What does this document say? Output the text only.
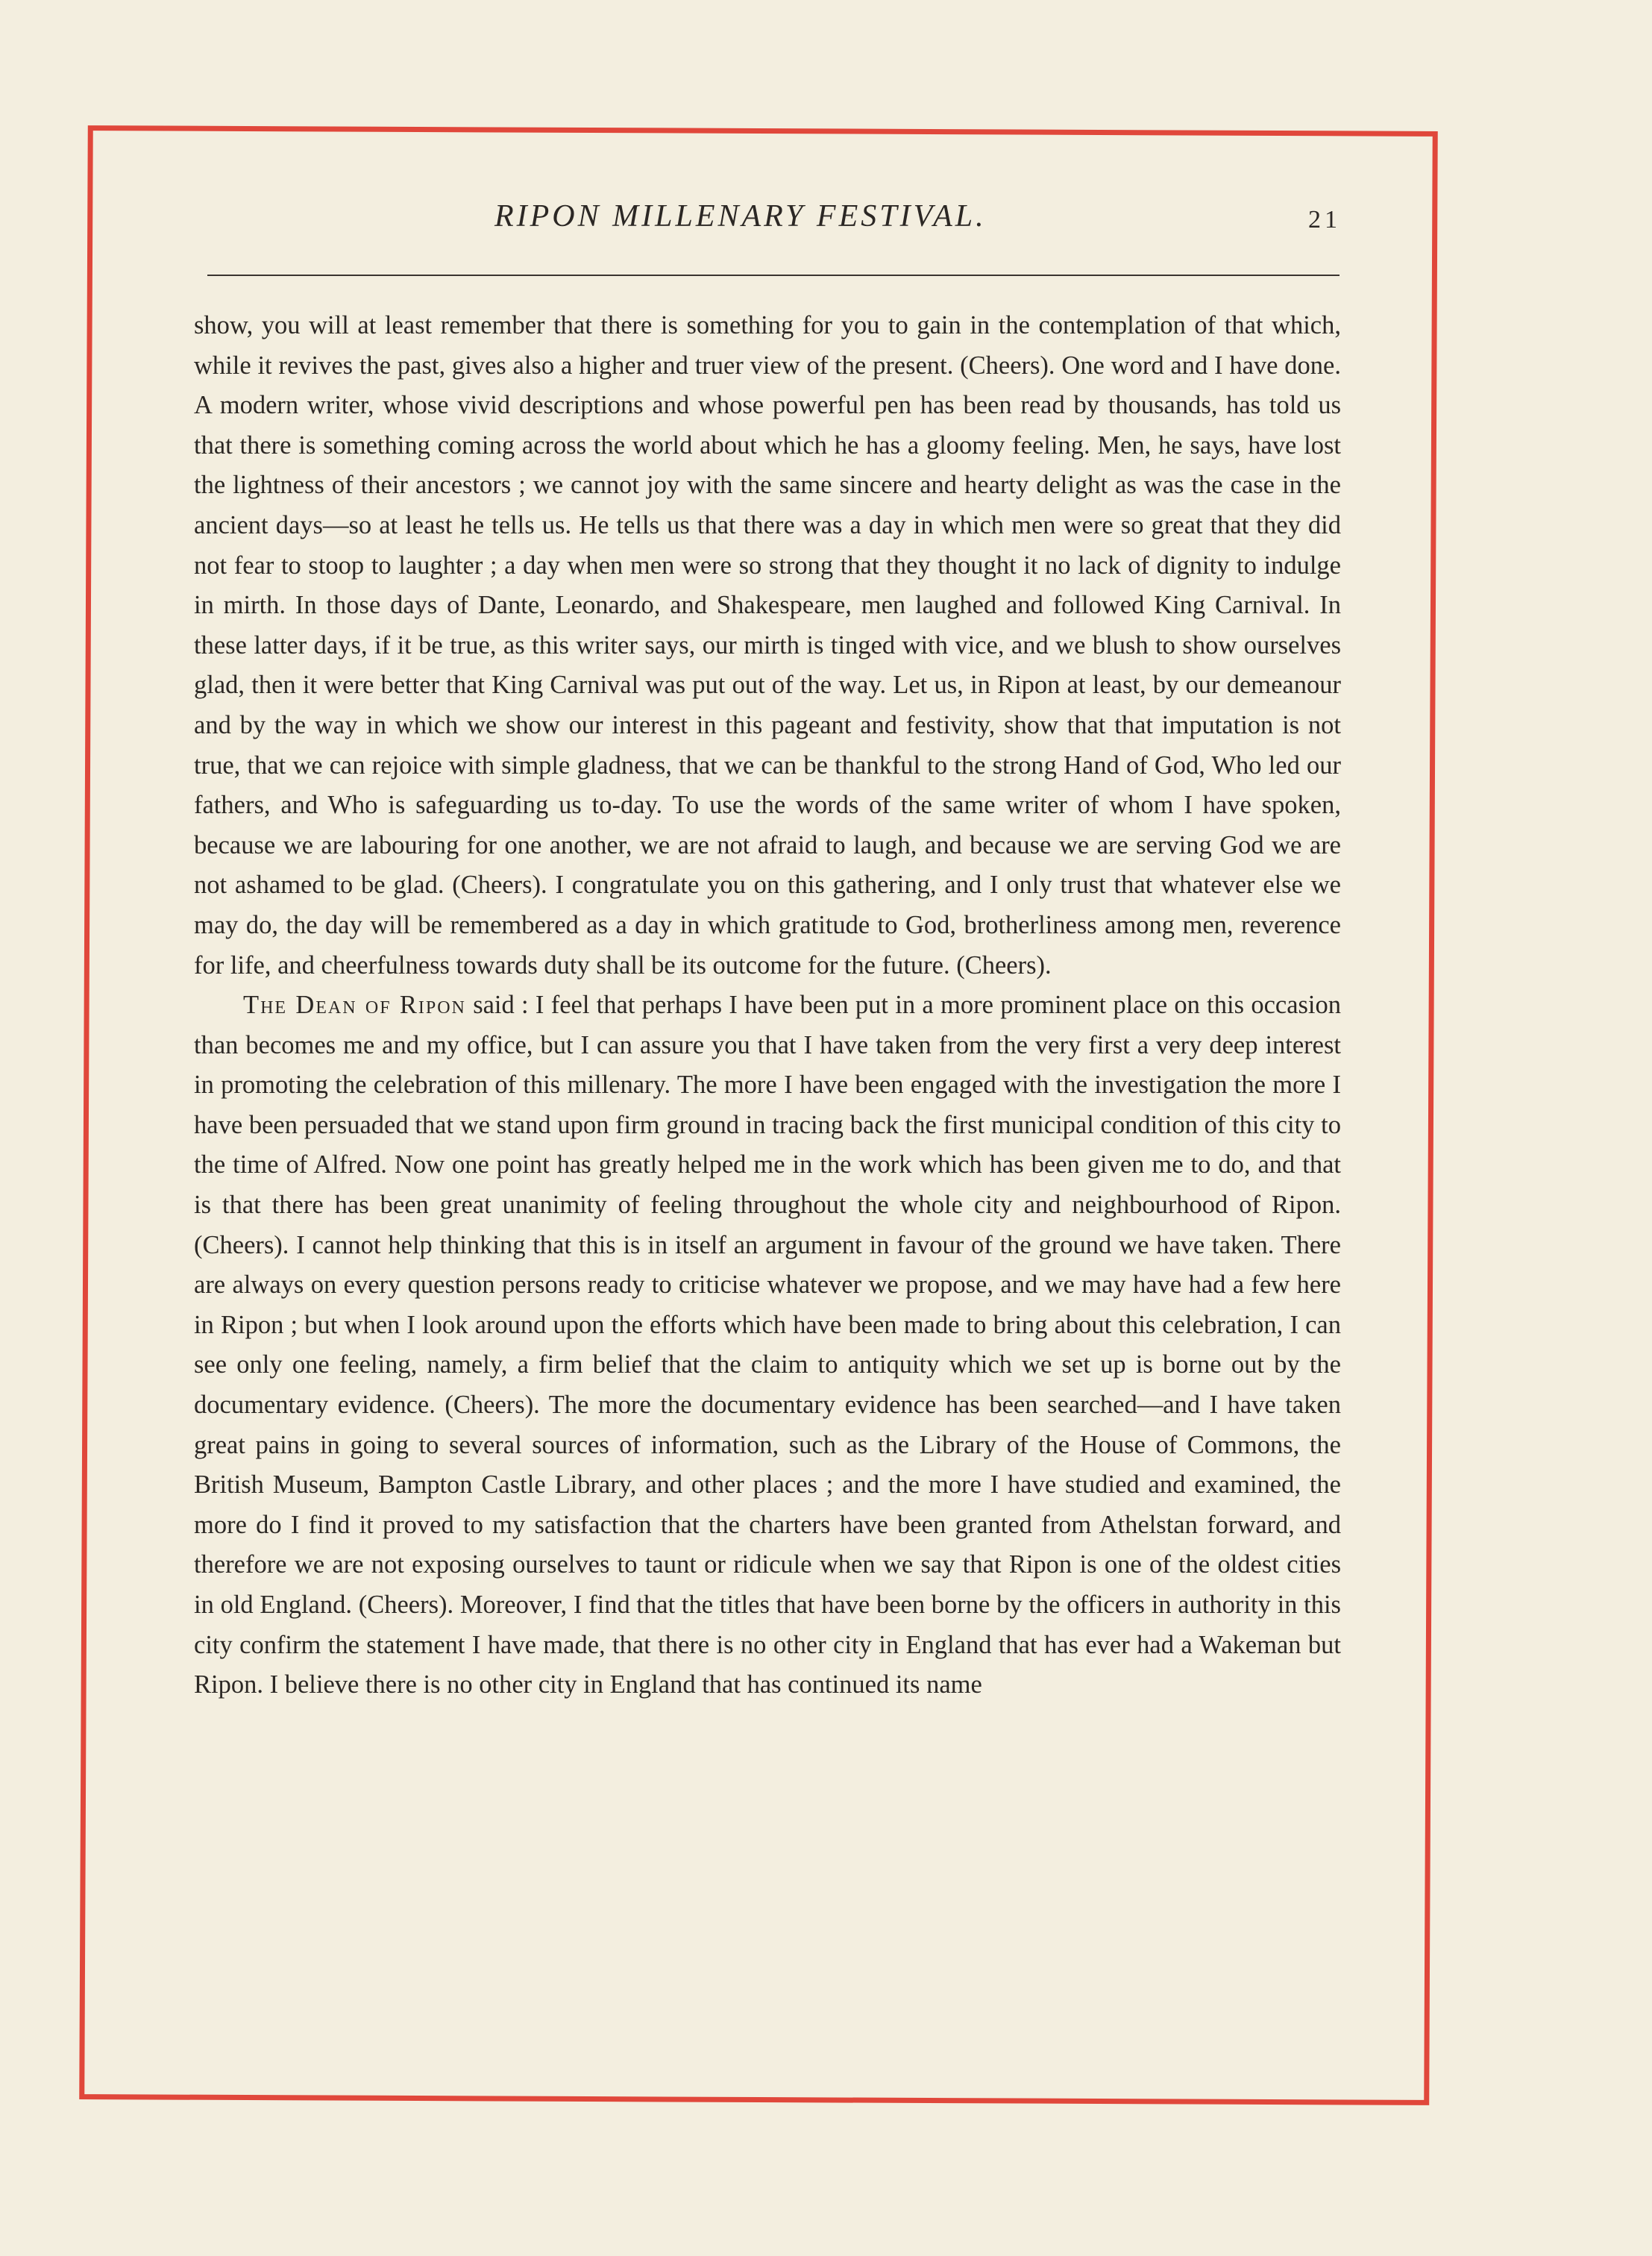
RIPON MILLENARY FESTIVAL.	21

show, you will at least remember that there is something for you to gain in the contemplation of that which, while it revives the past, gives also a higher and truer view of the present. (Cheers). One word and I have done. A modern writer, whose vivid descriptions and whose powerful pen has been read by thousands, has told us that there is something coming across the world about which he has a gloomy feeling. Men, he says, have lost the lightness of their ancestors ; we cannot joy with the same sincere and hearty delight as was the case in the ancient days—so at least he tells us. He tells us that there was a day in which men were so great that they did not fear to stoop to laughter ; a day when men were so strong that they thought it no lack of dignity to indulge in mirth. In those days of Dante, Leonardo, and Shakespeare, men laughed and followed King Carnival. In these latter days, if it be true, as this writer says, our mirth is tinged with vice, and we blush to show ourselves glad, then it were better that King Carnival was put out of the way. Let us, in Ripon at least, by our demeanour and by the way in which we show our interest in this pageant and festivity, show that that imputation is not true, that we can rejoice with simple gladness, that we can be thankful to the strong Hand of God, Who led our fathers, and Who is safeguarding us to-day. To use the words of the same writer of whom I have spoken, because we are labouring for one another, we are not afraid to laugh, and because we are serving God we are not ashamed to be glad. (Cheers). I congratulate you on this gathering, and I only trust that whatever else we may do, the day will be remembered as a day in which gratitude to God, brotherliness among men, reverence for life, and cheerfulness towards duty shall be its outcome for the future. (Cheers).

The Dean of Ripon said : I feel that perhaps I have been put in a more prominent place on this occasion than becomes me and my office, but I can assure you that I have taken from the very first a very deep interest in promoting the celebration of this millenary. The more I have been engaged with the investigation the more I have been persuaded that we stand upon firm ground in tracing back the first municipal condition of this city to the time of Alfred. Now one point has greatly helped me in the work which has been given me to do, and that is that there has been great unanimity of feeling throughout the whole city and neighbourhood of Ripon. (Cheers). I cannot help thinking that this is in itself an argument in favour of the ground we have taken. There are always on every question persons ready to criticise whatever we propose, and we may have had a few here in Ripon ; but when I look around upon the efforts which have been made to bring about this celebration, I can see only one feeling, namely, a firm belief that the claim to antiquity which we set up is borne out by the documentary evidence. (Cheers). The more the documentary evidence has been searched—and I have taken great pains in going to several sources of information, such as the Library of the House of Commons, the British Museum, Bampton Castle Library, and other places ; and the more I have studied and examined, the more do I find it proved to my satisfaction that the charters have been granted from Athelstan forward, and therefore we are not exposing ourselves to taunt or ridicule when we say that Ripon is one of the oldest cities in old England. (Cheers). Moreover, I find that the titles that have been borne by the officers in authority in this city confirm the statement I have made, that there is no other city in England that has ever had a Wakeman but Ripon. I believe there is no other city in England that has continued its name
